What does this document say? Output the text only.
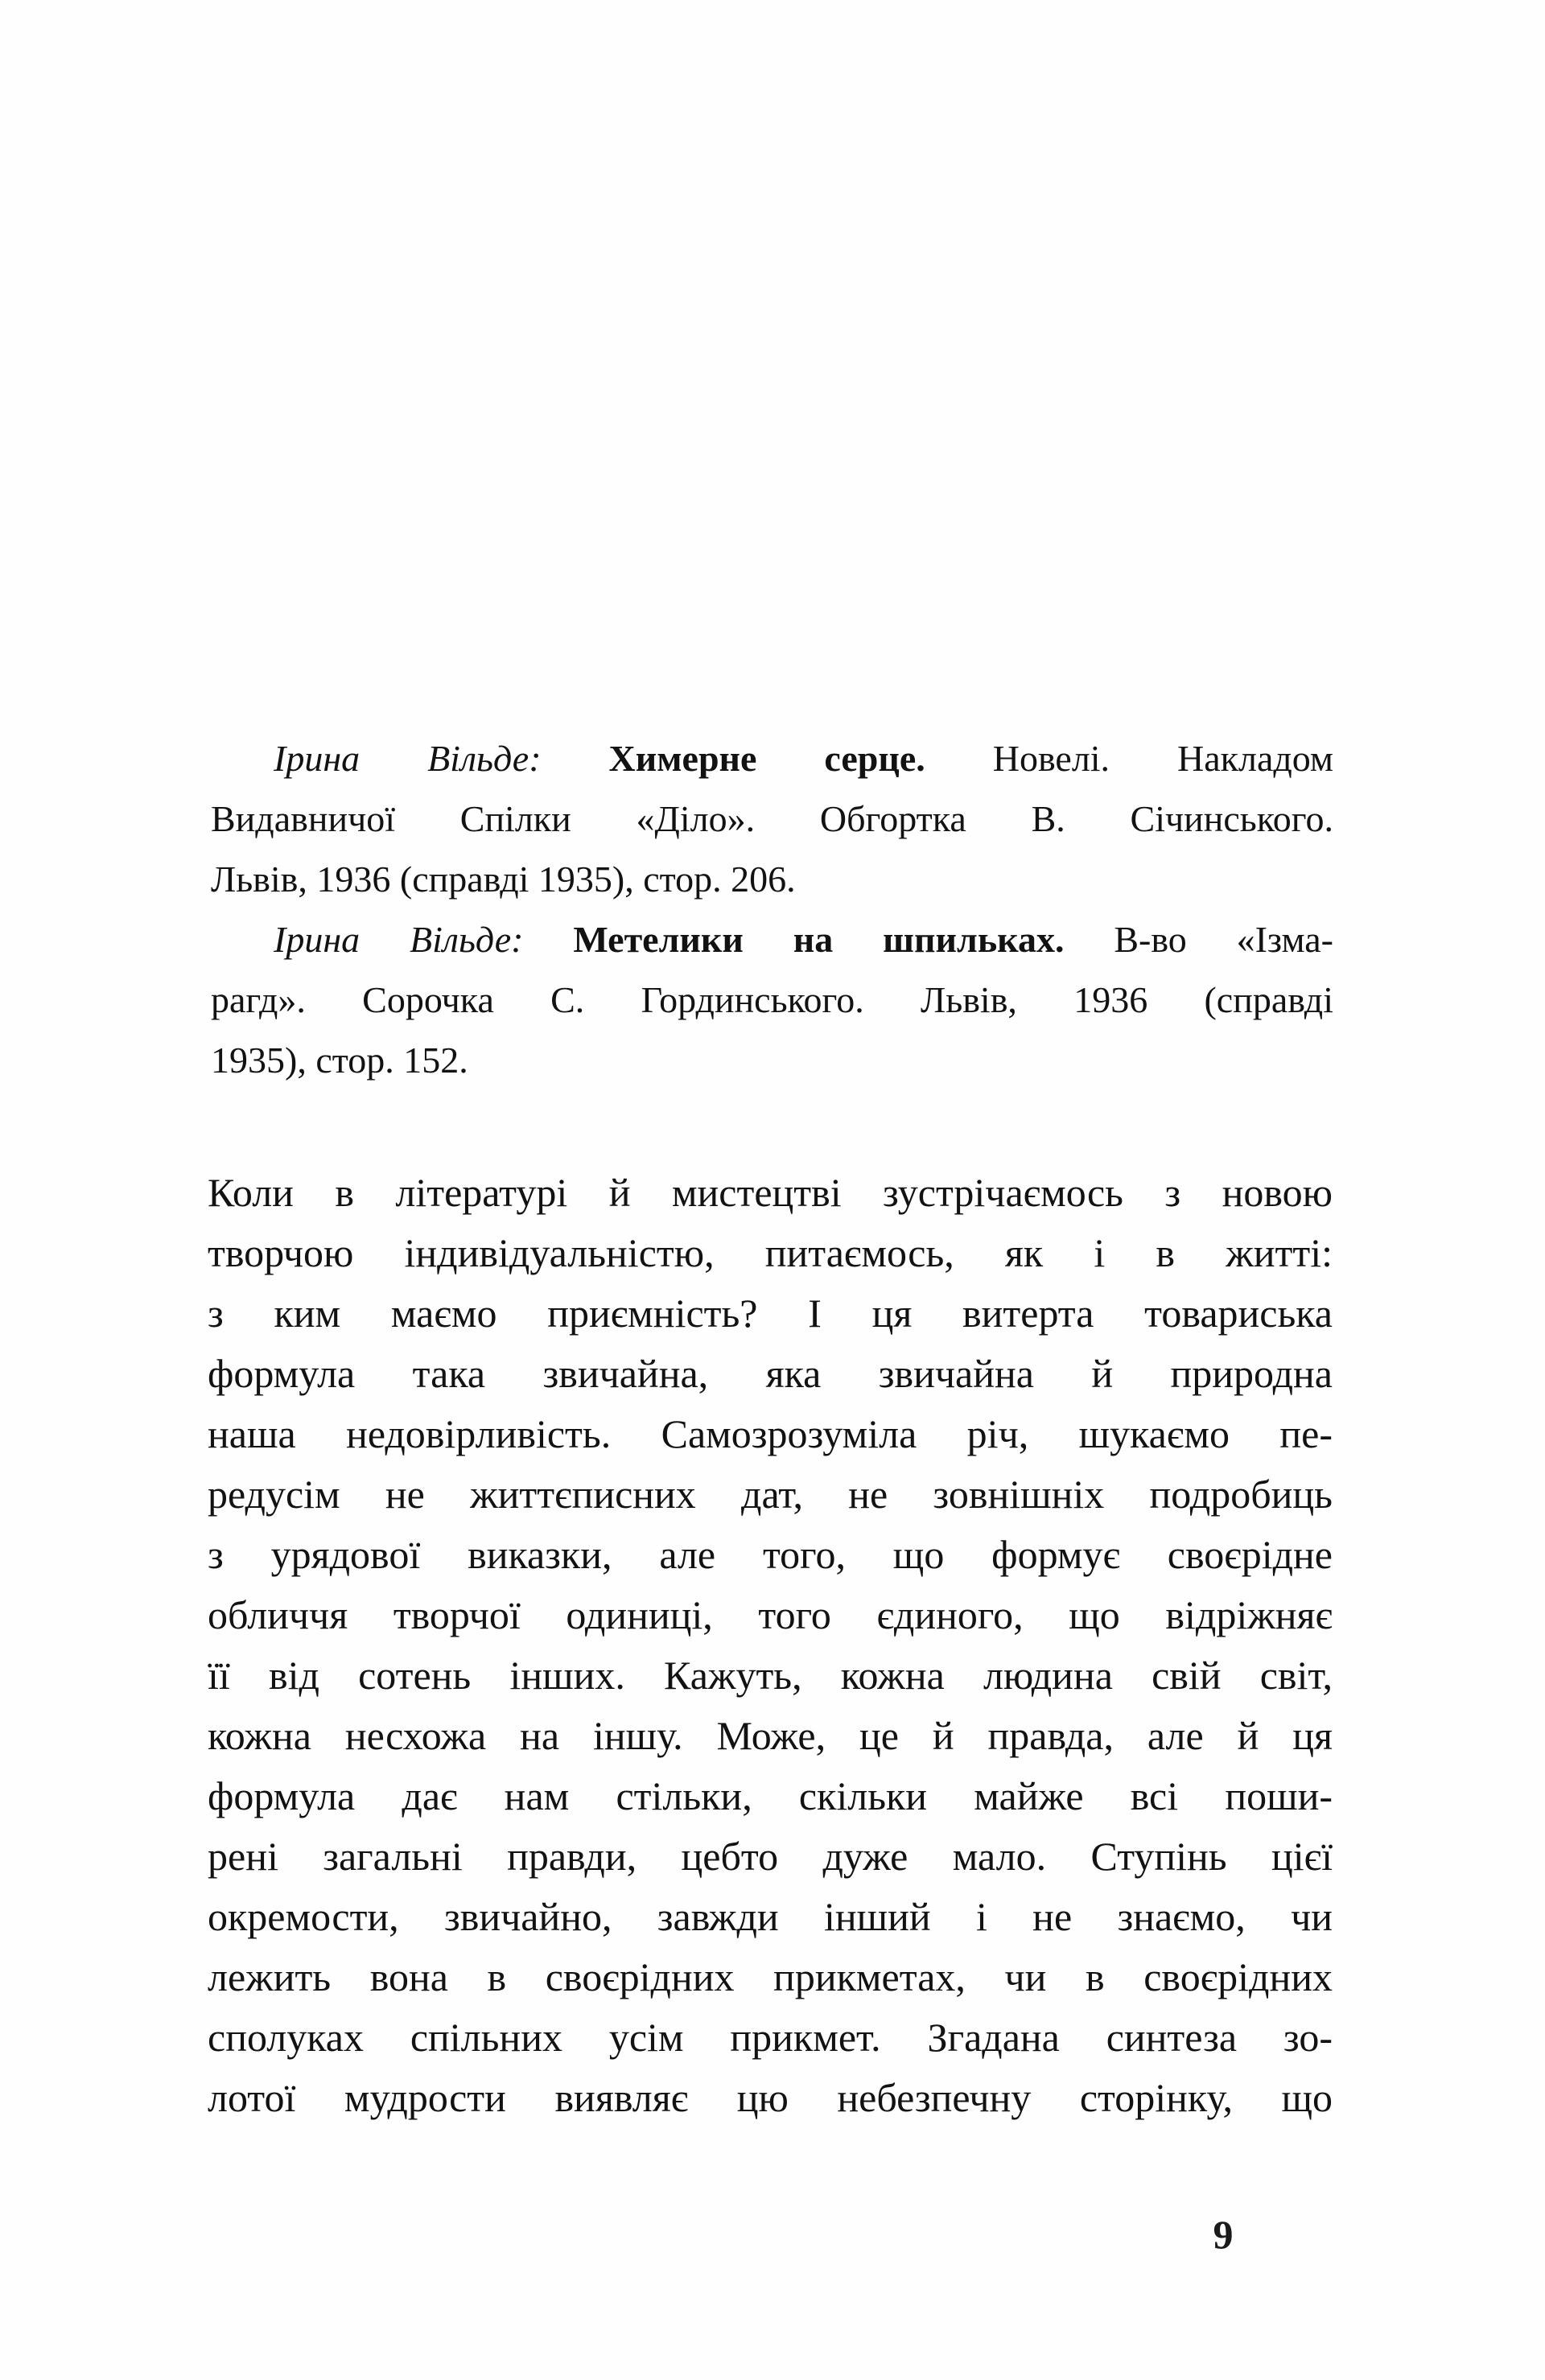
Ірина Вільде: Химерне серце. Новелі. Накладом
Видавничої Спілки «Діло». Обгортка В. Січинського.
Львів, 1936 (справді 1935), стор. 206.
Ірина Вільде: Метелики на шпильках. В-во «Ізма-
рагд». Сорочка С. Гординського. Львів, 1936 (справді
1935), стор. 152.
Коли в літературі й мистецтві зустрічаємось з новою
творчою індивідуальністю, питаємось, як і в житті:
з ким маємо приємність? І ця витерта товариська
формула така звичайна, яка звичайна й природна
наша недовірливість. Самозрозуміла річ, шукаємо пе-
редусім не життєписних дат, не зовнішніх подробиць
з урядової виказки, але того, що формує своєрідне
обличчя творчої одиниці, того єдиного, що відріжняє
її від сотень інших. Кажуть, кожна людина свій світ,
кожна несхожа на іншу. Може, це й правда, але й ця
формула дає нам стільки, скільки майже всі поши-
рені загальні правди, цебто дуже мало. Ступінь цієї
окремости, звичайно, завжди інший і не знаємо, чи
лежить вона в своєрідних прикметах, чи в своєрідних
сполуках спільних усім прикмет. Згадана синтеза зо-
лотої мудрости виявляє цю небезпечну сторінку, що
9
